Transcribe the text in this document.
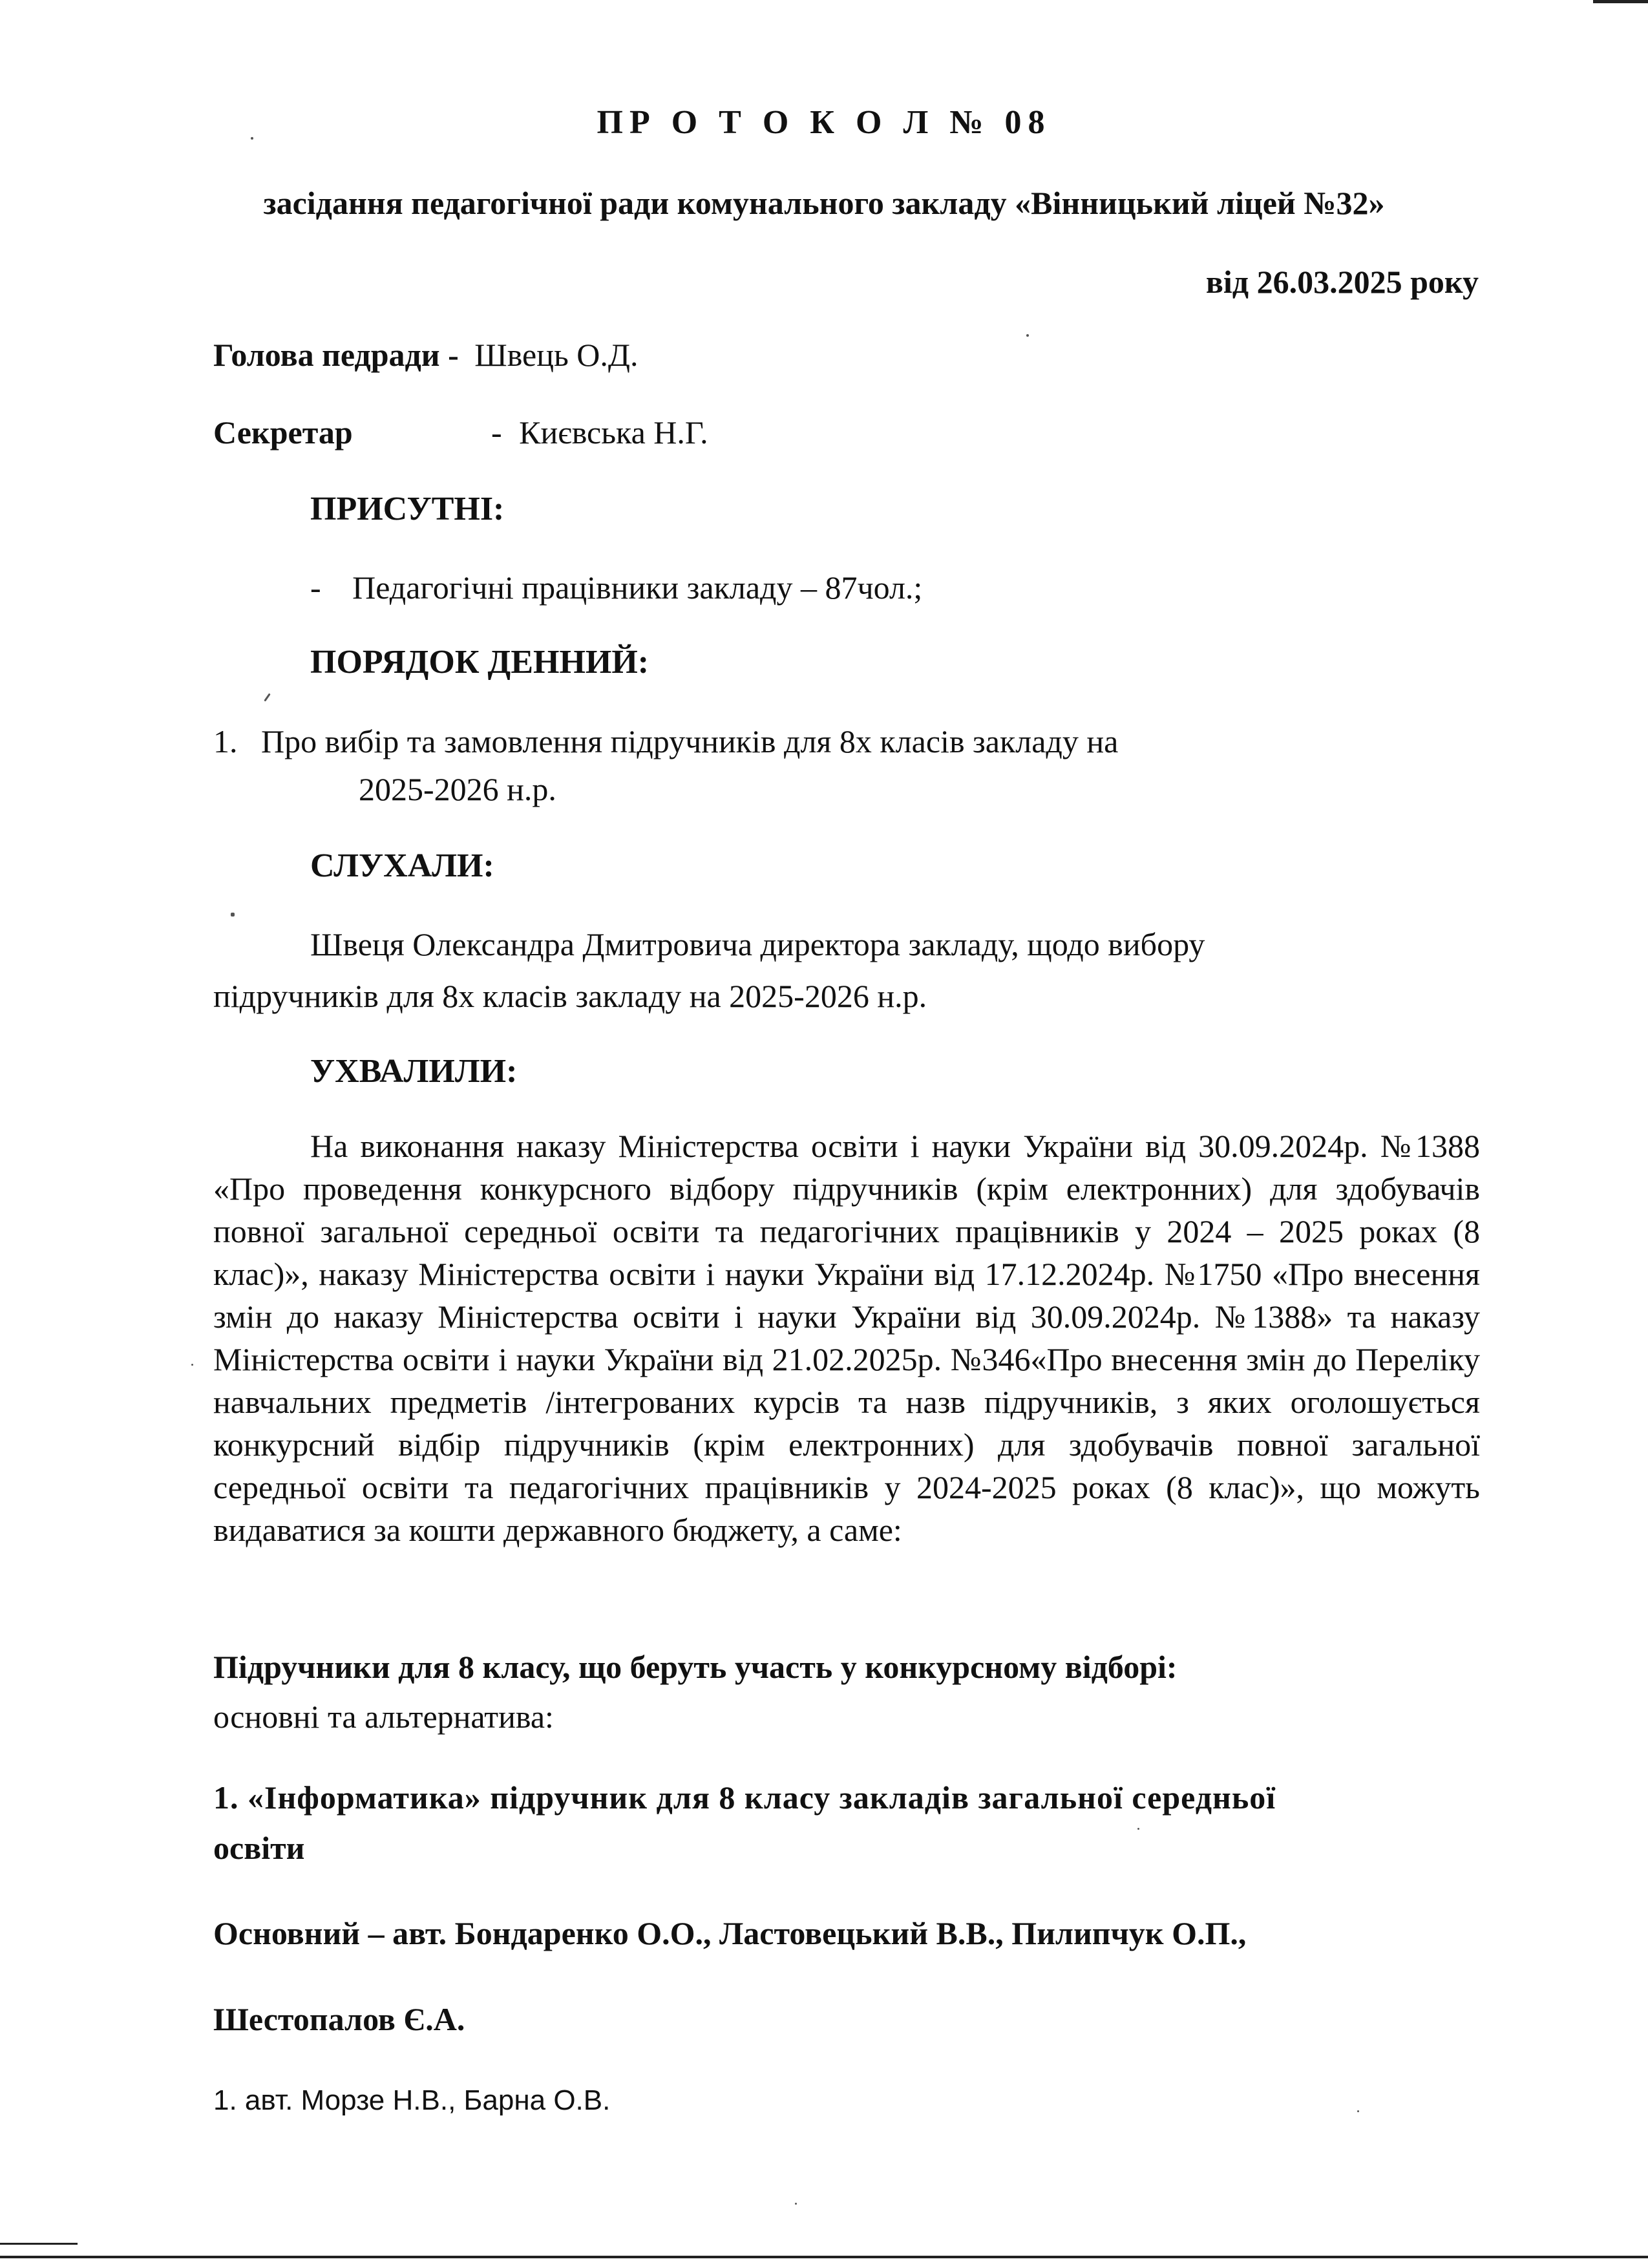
ПР О Т О К О Л № 08
засідання педагогічної ради комунального закладу «Вінницький ліцей №32»
від 26.03.2025 року
Голова педради - Швець О.Д.
Секретар	- Києвська Н.Г.
ПРИСУТНІ:
- Педагогічні працівники закладу – 87чол.;
ПОРЯДОК ДЕННИЙ:
1. Про вибір та замовлення підручників для 8х класів закладу на
2025-2026 н.р.
СЛУХАЛИ:
Швеця Олександра Дмитровича директора закладу, щодо вибору
підручників для 8х класів закладу на 2025-2026 н.р.
УХВАЛИЛИ:
На виконання наказу Міністерства освіти і науки України від 30.09.2024р. №1388 «Про проведення конкурсного відбору підручників (крім електронних) для здобувачів повної загальної середньої освіти та педагогічних працівників у 2024 – 2025 роках (8 клас)», наказу Міністерства освіти і науки України від 17.12.2024р. №1750 «Про внесення змін до наказу Міністерства освіти і науки України від 30.09.2024р. №1388» та наказу Міністерства освіти і науки України від 21.02.2025р. №346«Про внесення змін до Переліку навчальних предметів /інтегрованих курсів та назв підручників, з яких оголошується конкурсний відбір підручників (крім електронних) для здобувачів повної загальної середньої освіти та педагогічних працівників у 2024-2025 роках (8 клас)», що можуть видаватися за кошти державного бюджету, а саме:
Підручники для 8 класу, що беруть участь у конкурсному відборі:
основні та альтернатива:
1. «Інформатика» підручник для 8 класу закладів загальної середньої
освіти
Основний – авт. Бондаренко О.О., Ластовецький В.В., Пилипчук О.П.,
Шестопалов Є.А.
1. авт. Морзе Н.В., Барна О.В.
